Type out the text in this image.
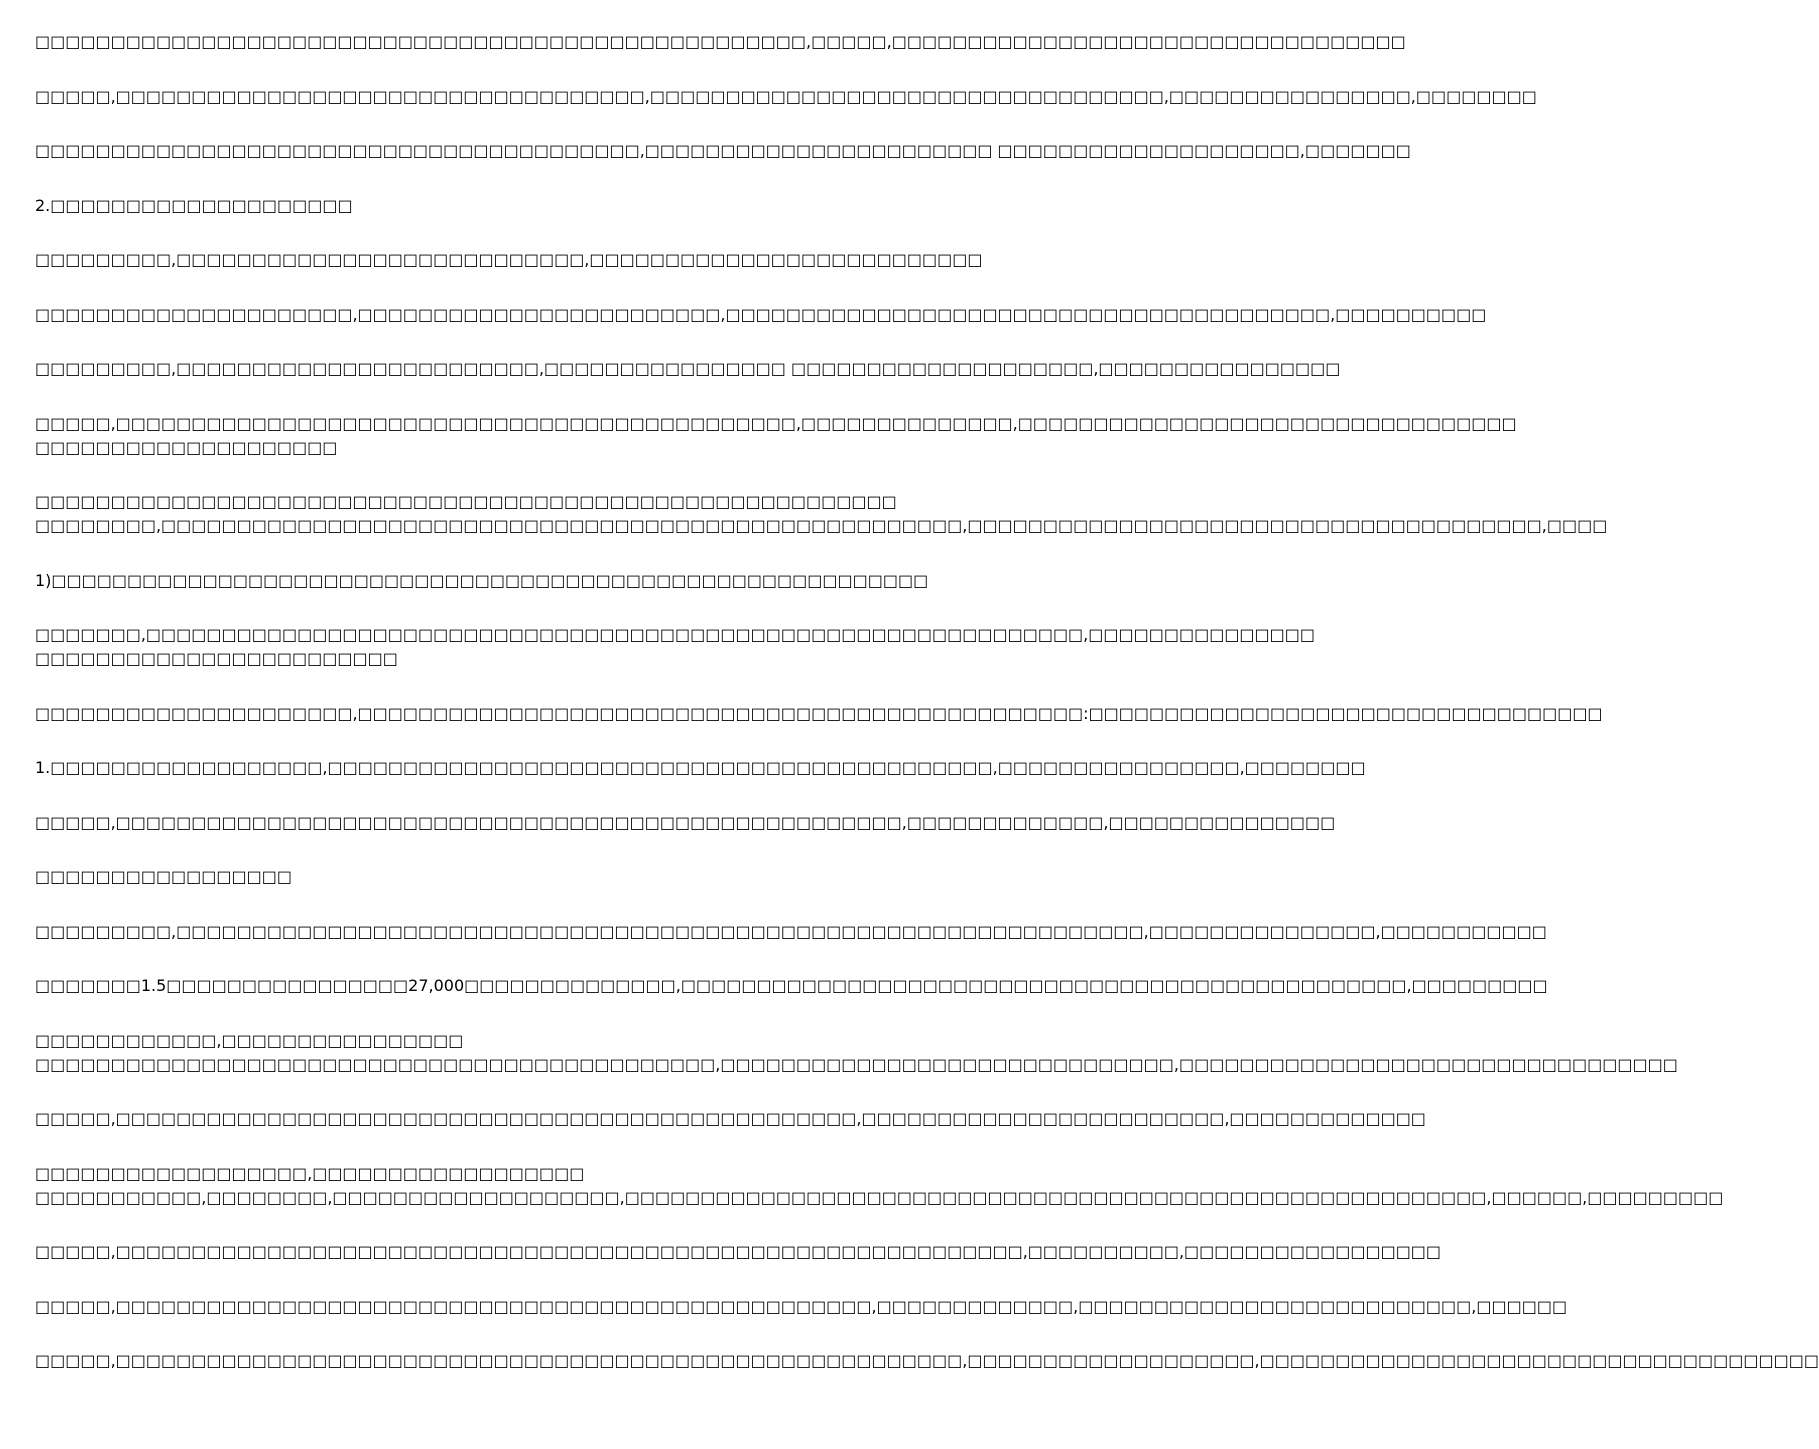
□□□□□□□□□□□□□□□□□□□□□□□□□□□□□□□□□□□□□□□□□□□□□□□□□□□,□□□□□,□□□□□□□□□□□□□□□□□□□□□□□□□□□□□□□□□□

□□□□□,□□□□□□□□□□□□□□□□□□□□□□□□□□□□□□□□□□□,□□□□□□□□□□□□□□□□□□□□□□□□□□□□□□□□□□,□□□□□□□□□□□□□□□□,□□□□□□□□

□□□□□□□□□□□□□□□□□□□□□□□□□□□□□□□□□□□□□□□□,□□□□□□□□□□□□□□□□□□□□□□□ □□□□□□□□□□□□□□□□□□□□,□□□□□□□

2.□□□□□□□□□□□□□□□□□□□□

□□□□□□□□□,□□□□□□□□□□□□□□□□□□□□□□□□□□□,□□□□□□□□□□□□□□□□□□□□□□□□□□

□□□□□□□□□□□□□□□□□□□□□,□□□□□□□□□□□□□□□□□□□□□□□□,□□□□□□□□□□□□□□□□□□□□□□□□□□□□□□□□□□□□□□□□,□□□□□□□□□□

□□□□□□□□□,□□□□□□□□□□□□□□□□□□□□□□□□,□□□□□□□□□□□□□□□□ □□□□□□□□□□□□□□□□□□□□,□□□□□□□□□□□□□□□□

□□□□□,□□□□□□□□□□□□□□□□□□□□□□□□□□□□□□□□□□□□□□□□□□□□□,□□□□□□□□□□□□□□,□□□□□□□□□□□□□□□□□□□□□□□□□□□□□□□□□
□□□□□□□□□□□□□□□□□□□□

□□□□□□□□□□□□□□□□□□□□□□□□□□□□□□□□□□□□□□□□□□□□□□□□□□□□□□□□□
□□□□□□□□,□□□□□□□□□□□□□□□□□□□□□□□□□□□□□□□□□□□□□□□□□□□□□□□□□□□□□,□□□□□□□□□□□□□□□□□□□□□□□□□□□□□□□□□□□□□□,□□□□

1)□□□□□□□□□□□□□□□□□□□□□□□□□□□□□□□□□□□□□□□□□□□□□□□□□□□□□□□□□□

□□□□□□□,□□□□□□□□□□□□□□□□□□□□□□□□□□□□□□□□□□□□□□□□□□□□□□□□□□□□□□□□□□□□□□,□□□□□□□□□□□□□□□
□□□□□□□□□□□□□□□□□□□□□□□□

□□□□□□□□□□□□□□□□□□□□□,□□□□□□□□□□□□□□□□□□□□□□□□□□□□□□□□□□□□□□□□□□□□□□□□:□□□□□□□□□□□□□□□□□□□□□□□□□□□□□□□□□□

1.□□□□□□□□□□□□□□□□□□,□□□□□□□□□□□□□□□□□□□□□□□□□□□□□□□□□□□□□□□□□□□□,□□□□□□□□□□□□□□□□,□□□□□□□□

□□□□□,□□□□□□□□□□□□□□□□□□□□□□□□□□□□□□□□□□□□□□□□□□□□□□□□□□□□,□□□□□□□□□□□□□,□□□□□□□□□□□□□□□

□□□□□□□□□□□□□□□□□

□□□□□□□□□,□□□□□□□□□□□□□□□□□□□□□□□□□□□□□□□□□□□□□□□□□□□□□□□□□□□□□□□□□□□□□□□□,□□□□□□□□□□□□□□□,□□□□□□□□□□□

□□□□□□□1.5□□□□□□□□□□□□□□□□27,000□□□□□□□□□□□□□□,□□□□□□□□□□□□□□□□□□□□□□□□□□□□□□□□□□□□□□□□□□□□□□□□,□□□□□□□□□

□□□□□□□□□□□□,□□□□□□□□□□□□□□□□
□□□□□□□□□□□□□□□□□□□□□□□□□□□□□□□□□□□□□□□□□□□□□,□□□□□□□□□□□□□□□□□□□□□□□□□□□□□□,□□□□□□□□□□□□□□□□□□□□□□□□□□□□□□□□□

□□□□□,□□□□□□□□□□□□□□□□□□□□□□□□□□□□□□□□□□□□□□□□□□□□□□□□□,□□□□□□□□□□□□□□□□□□□□□□□□,□□□□□□□□□□□□□

□□□□□□□□□□□□□□□□□□,□□□□□□□□□□□□□□□□□□
□□□□□□□□□□□,□□□□□□□□,□□□□□□□□□□□□□□□□□□□,□□□□□□□□□□□□□□□□□□□□□□□□□□□□□□□□□□□□□□□□□□□□□□□□□□□□□□□□□,□□□□□□,□□□□□□□□□

□□□□□,□□□□□□□□□□□□□□□□□□□□□□□□□□□□□□□□□□□□□□□□□□□□□□□□□□□□□□□□□□□□,□□□□□□□□□□,□□□□□□□□□□□□□□□□□

□□□□□,□□□□□□□□□□□□□□□□□□□□□□□□□□□□□□□□□□□□□□□□□□□□□□□□□□,□□□□□□□□□□□□□,□□□□□□□□□□□□□□□□□□□□□□□□□□,□□□□□□

□□□□□,□□□□□□□□□□□□□□□□□□□□□□□□□□□□□□□□□□□□□□□□□□□□□□□□□□□□□□□□,□□□□□□□□□□□□□□□□□□□,□□□□□□□□□□□□□□□□□□□□□□□□□□□□□□□□□□□□□
